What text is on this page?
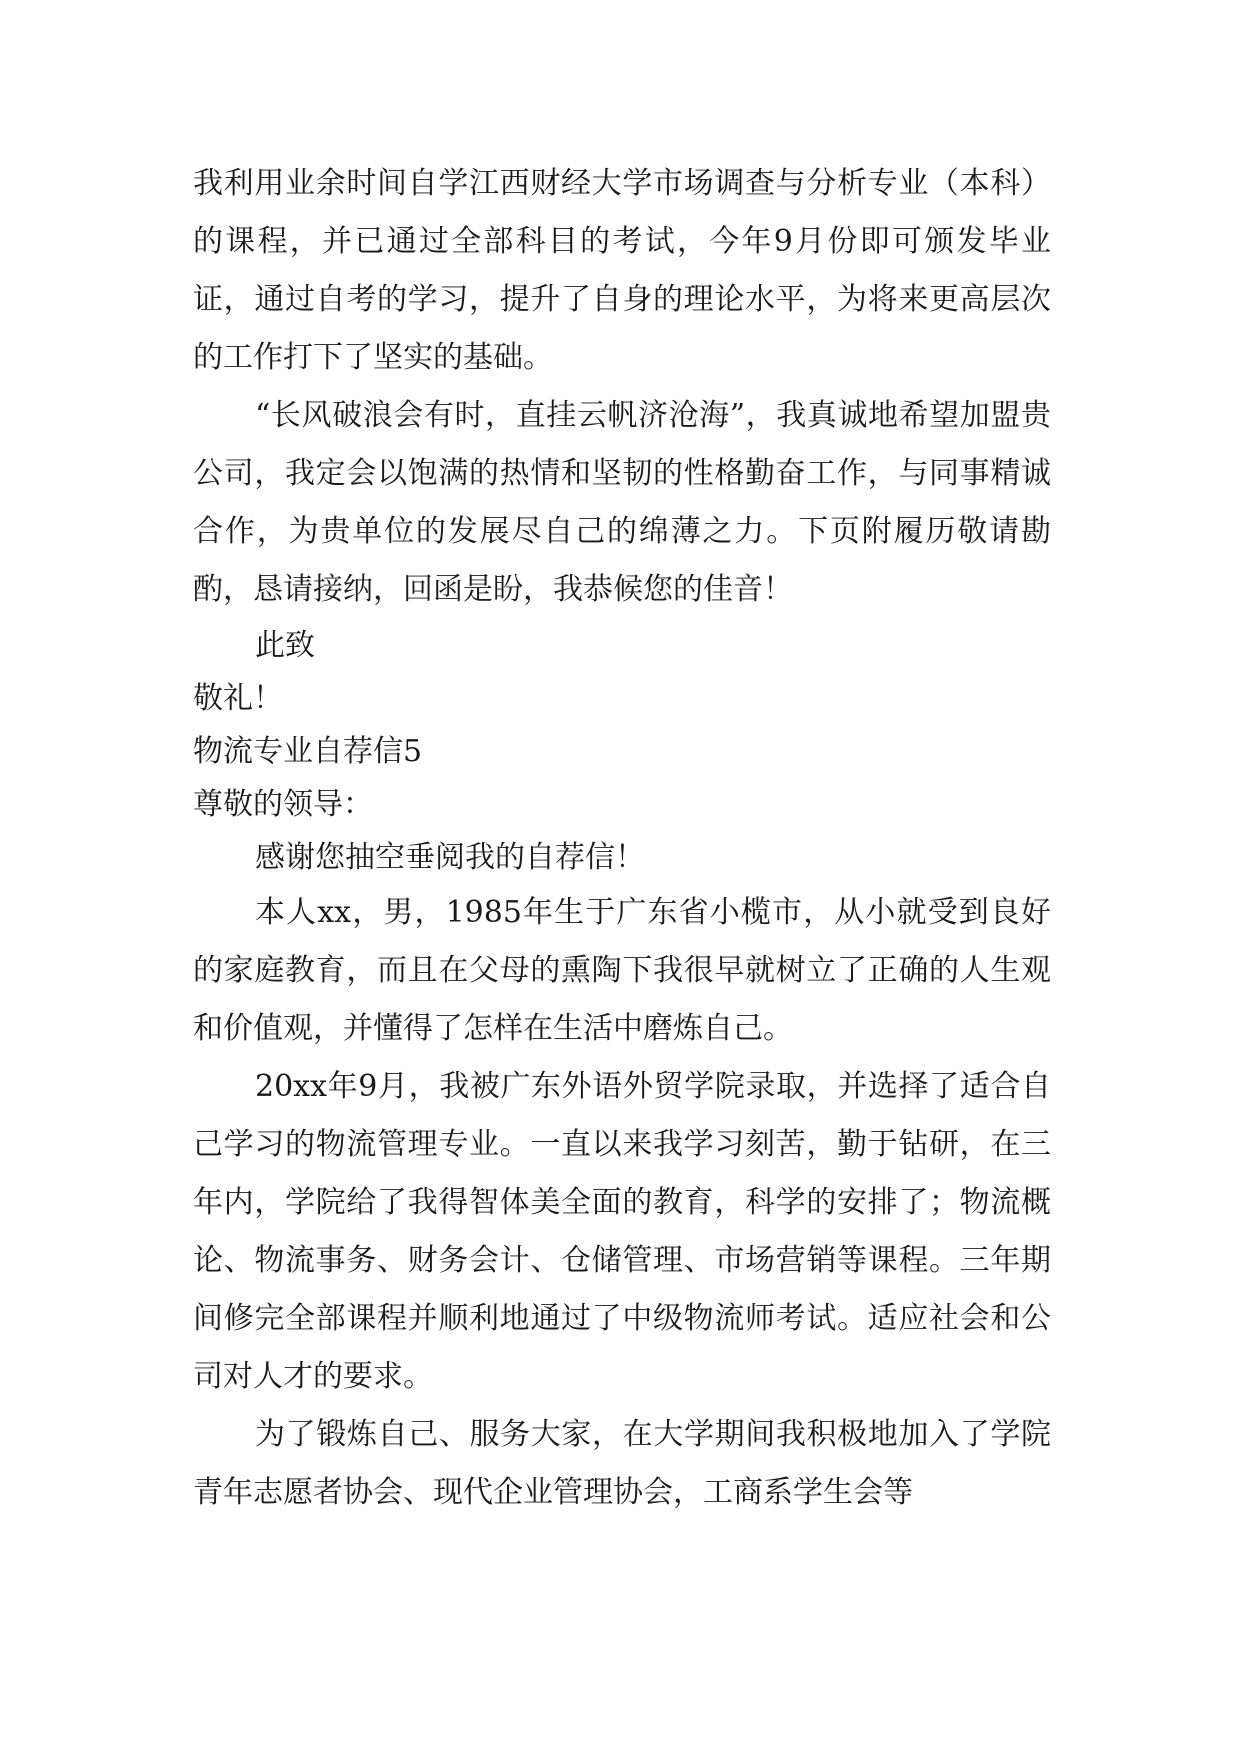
我利用业余时间自学江西财经大学市场调查与分析专业（本科）的课程，并已通过全部科目的考试，今年9月份即可颁发毕业证，通过自考的学习，提升了自身的理论水平，为将来更高层次的工作打下了坚实的基础。

“长风破浪会有时，直挂云帆济沧海”，我真诚地希望加盟贵公司，我定会以饱满的热情和坚韧的性格勤奋工作，与同事精诚合作，为贵单位的发展尽自己的绵薄之力。下页附履历敬请勘酌，恳请接纳，回函是盼，我恭候您的佳音！

此致

敬礼！

物流专业自荐信5

尊敬的领导：

感谢您抽空垂阅我的自荐信！

本人xx，男，1985年生于广东省小榄市，从小就受到良好的家庭教育，而且在父母的熏陶下我很早就树立了正确的人生观和价值观，并懂得了怎样在生活中磨炼自己。

20xx年9月，我被广东外语外贸学院录取，并选择了适合自己学习的物流管理专业。一直以来我学习刻苦，勤于钻研，在三年内，学院给了我得智体美全面的教育，科学的安排了；物流概论、物流事务、财务会计、仓储管理、市场营销等课程。三年期间修完全部课程并顺利地通过了中级物流师考试。适应社会和公司对人才的要求。

为了锻炼自己、服务大家，在大学期间我积极地加入了学院青年志愿者协会、现代企业管理协会，工商系学生会等
